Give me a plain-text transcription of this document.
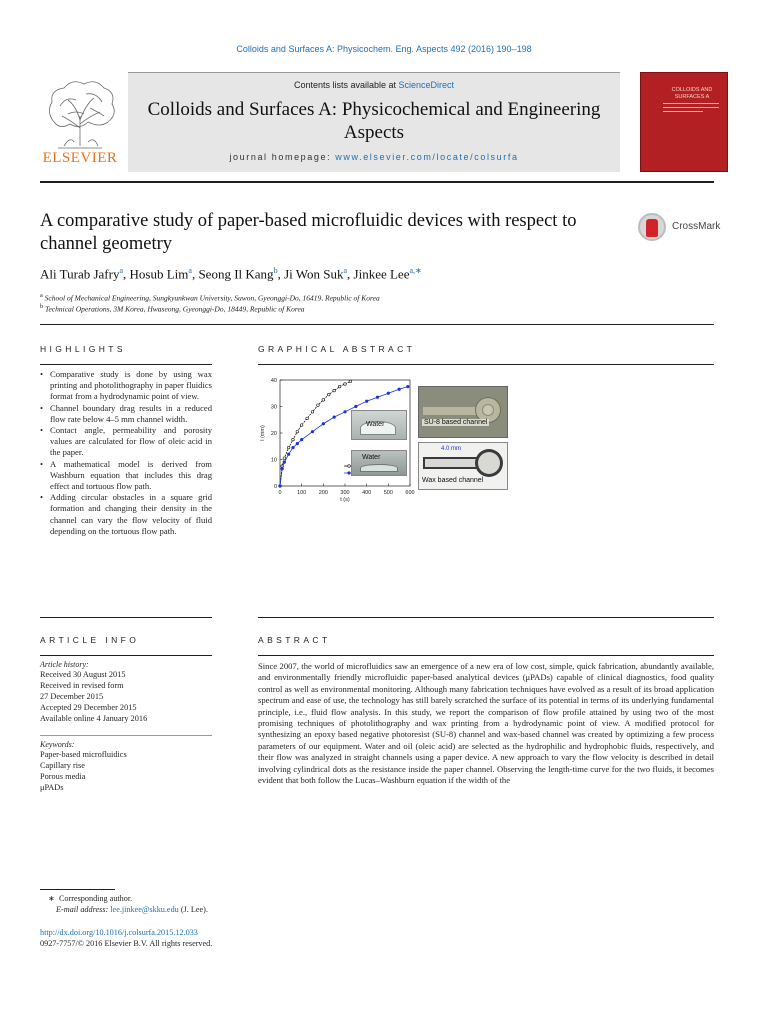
Colloids and Surfaces A: Physicochem. Eng. Aspects 492 (2016) 190–198
Contents lists available at ScienceDirect
Colloids and Surfaces A: Physicochemical and Engineering Aspects
journal homepage: www.elsevier.com/locate/colsurfa
ELSEVIER
COLLOIDS AND SURFACES A
A comparative study of paper-based microfluidic devices with respect to channel geometry
CrossMark
Ali Turab Jafry$^a$, Hosub Lim$^a$, Seong Il Kang$^b$, Ji Won Suk$^a$, Jinkee Lee$^{a,∗}$
$^a$ School of Mechanical Engineering, Sungkyunkwan University, Suwon, Gyeonggi-Do, 16419, Republic of Korea
$^b$ Technical Operations, 3M Korea, Hwaseong, Gyeonggi-Do, 18449, Republic of Korea
HIGHLIGHTS
• Comparative study is done by using wax printing and photolithography in paper fluidics format from a hydrodynamic point of view.
• Channel boundary drag results in a reduced flow rate below 4–5 mm channel width.
• Contact angle, permeability and porosity values are calculated for flow of oleic acid in the paper.
• A mathematical model is derived from Washburn equation that includes this drag effect and tortuous flow path.
• Adding circular obstacles in a square grid formation and changing their density in the channel can vary the flow velocity of fluid depending on the tortuous flow path.
GRAPHICAL ABSTRACT
0	100 200 300 400 500 600
0
10
20
30
40
t (s)
l (mm)
Water
Water
SU-8 based channel
4.0 mm
Wax based channel
ARTICLE INFO
Article history:
Received 30 August 2015
Received in revised form
27 December 2015
Accepted 29 December 2015
Available online 4 January 2016
Keywords:
Paper-based microfluidics
Capillary rise
Porous media
μPADs
ABSTRACT
Since 2007, the world of microfluidics saw an emergence of a new era of low cost, simple, quick fabrication, abundantly available, and environmentally friendly microfluidic paper-based analytical devices (μPADs) capable of clinical diagnostics, food quality control as well as environmental monitoring. Although many fabrication techniques have evolved as a result of its broad application spectrum and ease of use, the technology has still barely scratched the surface of its potential in terms of its underlying fundamental principle, i.e., fluid flow analysis. In this study, we report the comparison of flow profile attained by using two of the most promising techniques of photolithography and wax printing from a hydrodynamic point of view. A modified protocol for synthesizing an epoxy based negative photoresist (SU-8) channel and wax-based channel was created by optimizing a few process parameters of our equipment. Water and oil (oleic acid) are selected as the hydrophilic and hydrophobic fluids, respectively, and their flow was analyzed in straight channels using a paper device. A new approach to vary the flow velocity is described in detail involving cylindrical dots as the resistance inside the paper channel. Observing the length-time curve for the two fluids, it becomes evident that both follow the Lucas–Washburn equation if the width of the
∗ Corresponding author.
E-mail address: lee.jinkee@skku.edu (J. Lee).
http://dx.doi.org/10.1016/j.colsurfa.2015.12.033
0927-7757/© 2016 Elsevier B.V. All rights reserved.
